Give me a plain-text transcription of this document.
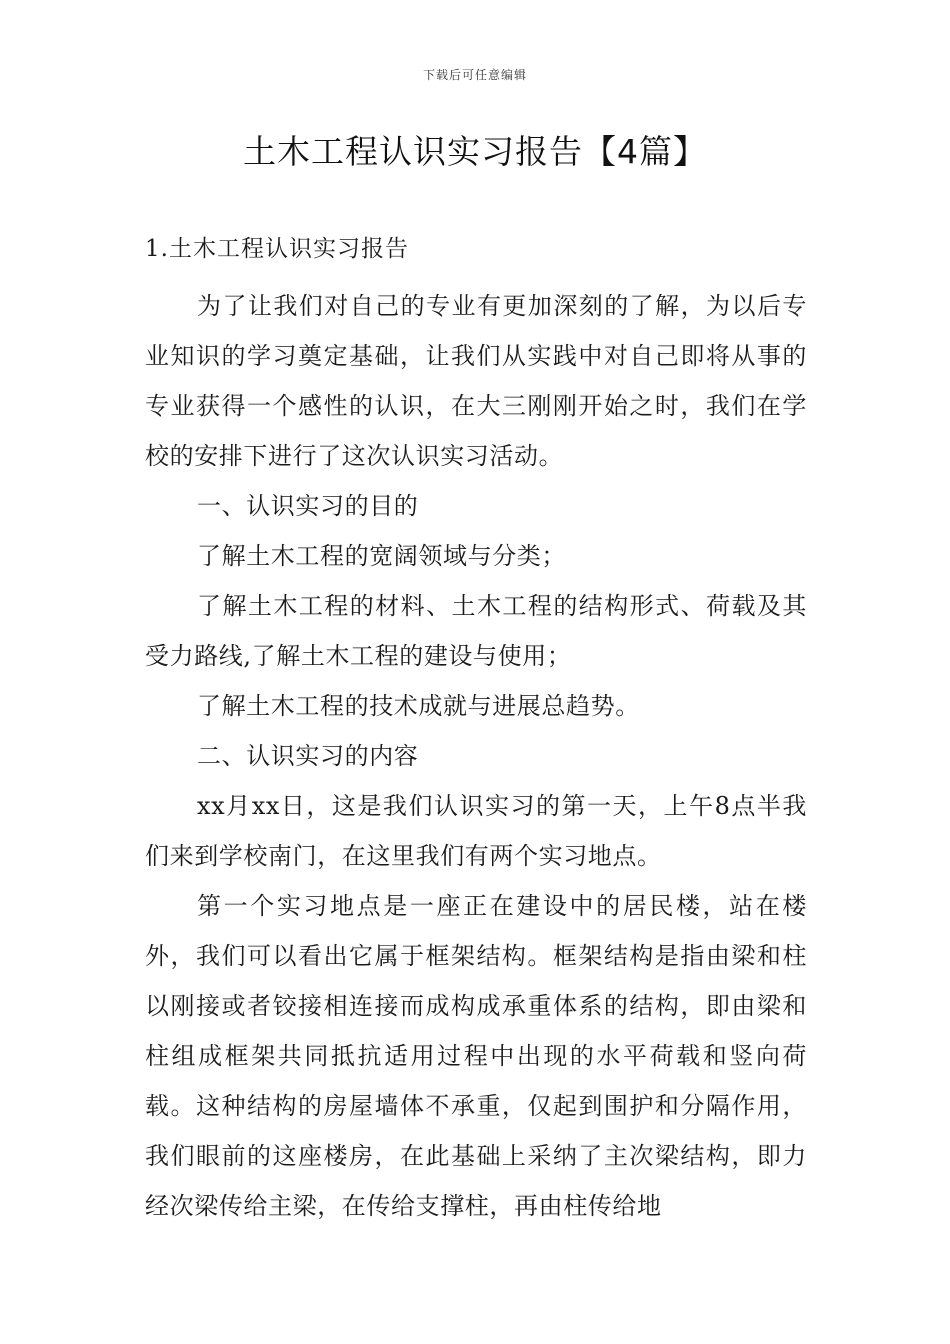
下载后可任意编辑
土木工程认识实习报告【4篇】
1.土木工程认识实习报告

为了让我们对自己的专业有更加深刻的了解，为以后专业知识的学习奠定基础，让我们从实践中对自己即将从事的专业获得一个感性的认识，在大三刚刚开始之时，我们在学校的安排下进行了这次认识实习活动。

一、认识实习的目的

了解土木工程的宽阔领域与分类；

了解土木工程的材料、土木工程的结构形式、荷载及其受力路线,了解土木工程的建设与使用；

了解土木工程的技术成就与进展总趋势。

二、认识实习的内容

xx月xx日，这是我们认识实习的第一天，上午8点半我们来到学校南门，在这里我们有两个实习地点。

第一个实习地点是一座正在建设中的居民楼，站在楼外，我们可以看出它属于框架结构。框架结构是指由梁和柱以刚接或者铰接相连接而成构成承重体系的结构，即由梁和柱组成框架共同抵抗适用过程中出现的水平荷载和竖向荷载。这种结构的房屋墙体不承重，仅起到围护和分隔作用，我们眼前的这座楼房，在此基础上采纳了主次梁结构，即力经次梁传给主梁，在传给支撑柱，再由柱传给地
